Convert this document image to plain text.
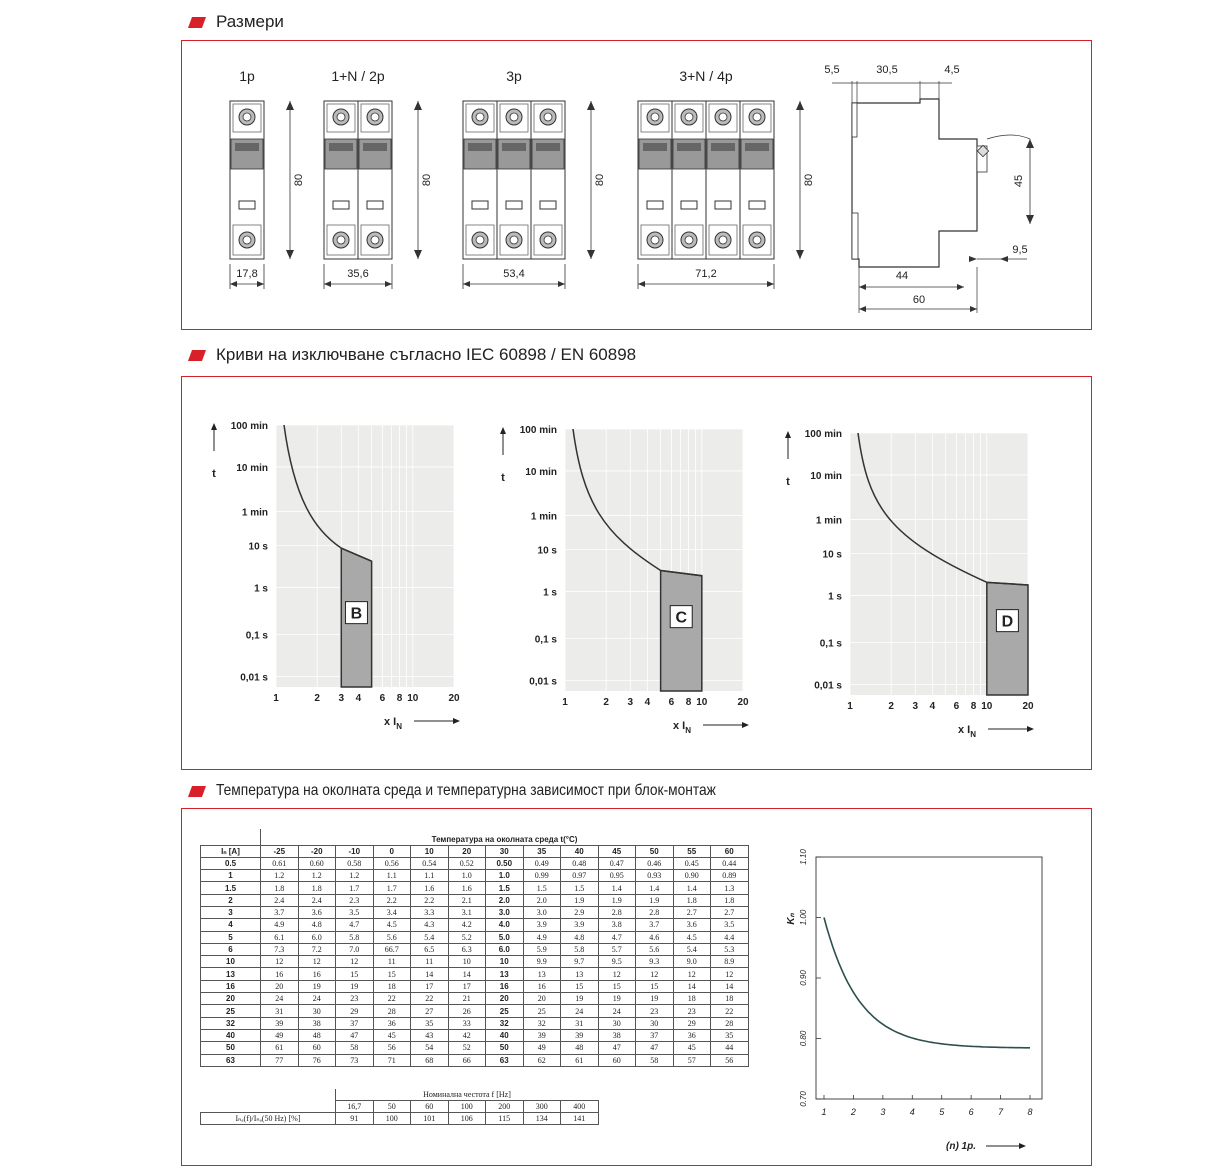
Размери
Криви на изключване съгласно IEC 60898 / EN 60898
Температура на околната среда и температурна зависимост при блок-монтаж
1p
17,8
80
1+N / 2p
35,6
80
3p
53,4
80
3+N / 4p
71,2
80
5,5	30,5	4,5
45
9,5
44
60
100 min
10 min
1 min
10 s
1 s
0,1 s
0,01 s
1	2 3 4 6 8 10	20
t
x $I_N$
B
100 min
10 min
1 min
10 s
1 s
0,1 s
0,01 s
1	2 3 4 6 8 10	20
t
x $I_N$
C
100 min
10 min
1 min
10 s
1 s
0,1 s
0,01 s
1	2 3 4 6 8 10	20
t
x $I_N$
D
	Температура на околната среда t(°C)												
Iₙ [A]	-25	-20	-10	0	10	20	30	35	40	45	50	55	60
0.5	0.61	0.60	0.58	0.56	0.54	0.52	0.50	0.49	0.48	0.47	0.46	0.45	0.44
1	1.2	1.2	1.2	1.1	1.1	1.0	1.0	0.99	0.97	0.95	0.93	0.90	0.89
1.5	1.8	1.8	1.7	1.7	1.6	1.6	1.5	1.5	1.5	1.4	1.4	1.4	1.3
2	2.4	2.4	2.3	2.2	2.2	2.1	2.0	2.0	1.9	1.9	1.9	1.8	1.8
3	3.7	3.6	3.5	3.4	3.3	3.1	3.0	3.0	2.9	2.8	2.8	2.7	2.7
4	4.9	4.8	4.7	4.5	4.3	4.2	4.0	3.9	3.9	3.8	3.7	3.6	3.5
5	6.1	6.0	5.8	5.6	5.4	5.2	5.0	4.9	4.8	4.7	4.6	4.5	4.4
6	7.3	7.2	7.0	66.7	6.5	6.3	6.0	5.9	5.8	5.7	5.6	5.4	5.3
10	12	12	12	11	11	10	10	9.9	9.7	9.5	9.3	9.0	8.9
13	16	16	15	15	14	14	13	13	13	12	12	12	12
16	20	19	19	18	17	17	16	16	15	15	15	14	14
20	24	24	23	22	22	21	20	20	19	19	19	18	18
25	31	30	29	28	27	26	25	25	24	24	23	23	22
32	39	38	37	36	35	33	32	32	31	30	30	29	28
40	49	48	47	45	43	42	40	39	39	38	37	36	35
50	61	60	58	56	54	52	50	49	48	47	47	45	44
63	77	76	73	71	68	66	63	62	61	60	58	57	56
	Номинална честота f [Hz]						
	16,7	50	60	100	200	300	400
Iₙₐ(f)/Iₙₐ(50 Hz) [%]	91	100	101	106	115	134	141
0.70
0.80
0.90
1.00
1.10
1	2	3	4	5	6	7	8
Kₙ
(n) 1p.
